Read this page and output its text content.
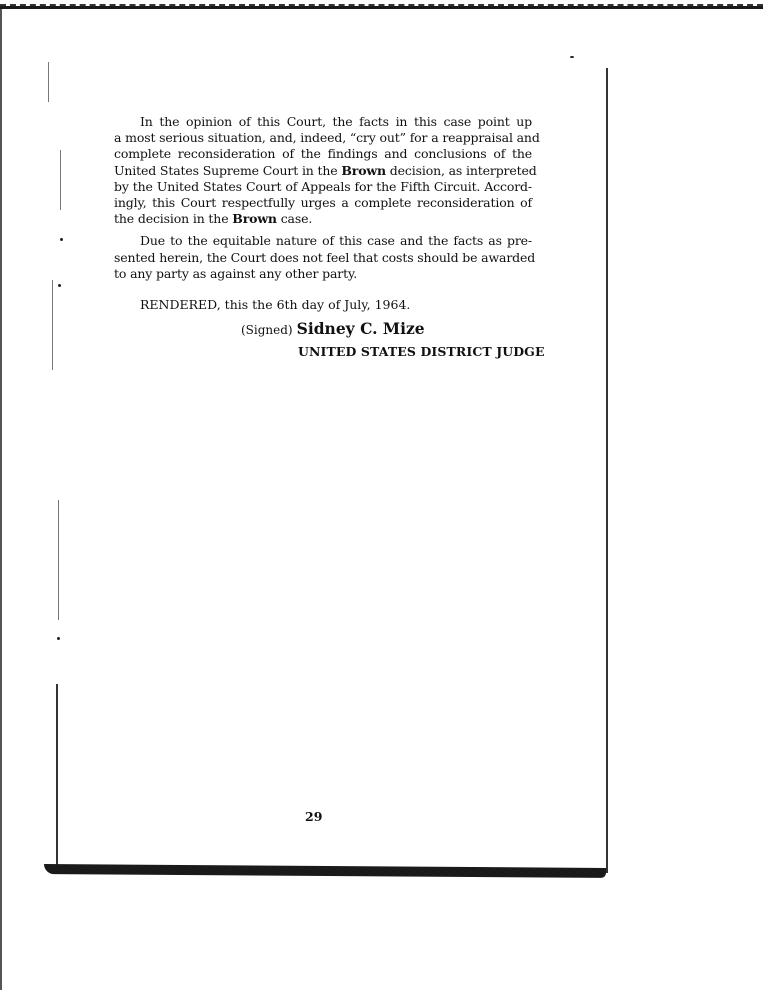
In the opinion of this Court, the facts in this case point up
a most serious situation, and, indeed, “cry out” for a reappraisal and
complete reconsideration of the findings and conclusions of the
United States Supreme Court in the Brown decision, as interpreted
by the United States Court of Appeals for the Fifth Circuit. Accord-
ingly, this Court respectfully urges a complete reconsideration of
the decision in the Brown case.

Due to the equitable nature of this case and the facts as pre-
sented herein, the Court does not feel that costs should be awarded
to any party as against any other party.

RENDERED, this the 6th day of July, 1964.
(Signed) Sidney C. Mize
UNITED STATES DISTRICT JUDGE
29
